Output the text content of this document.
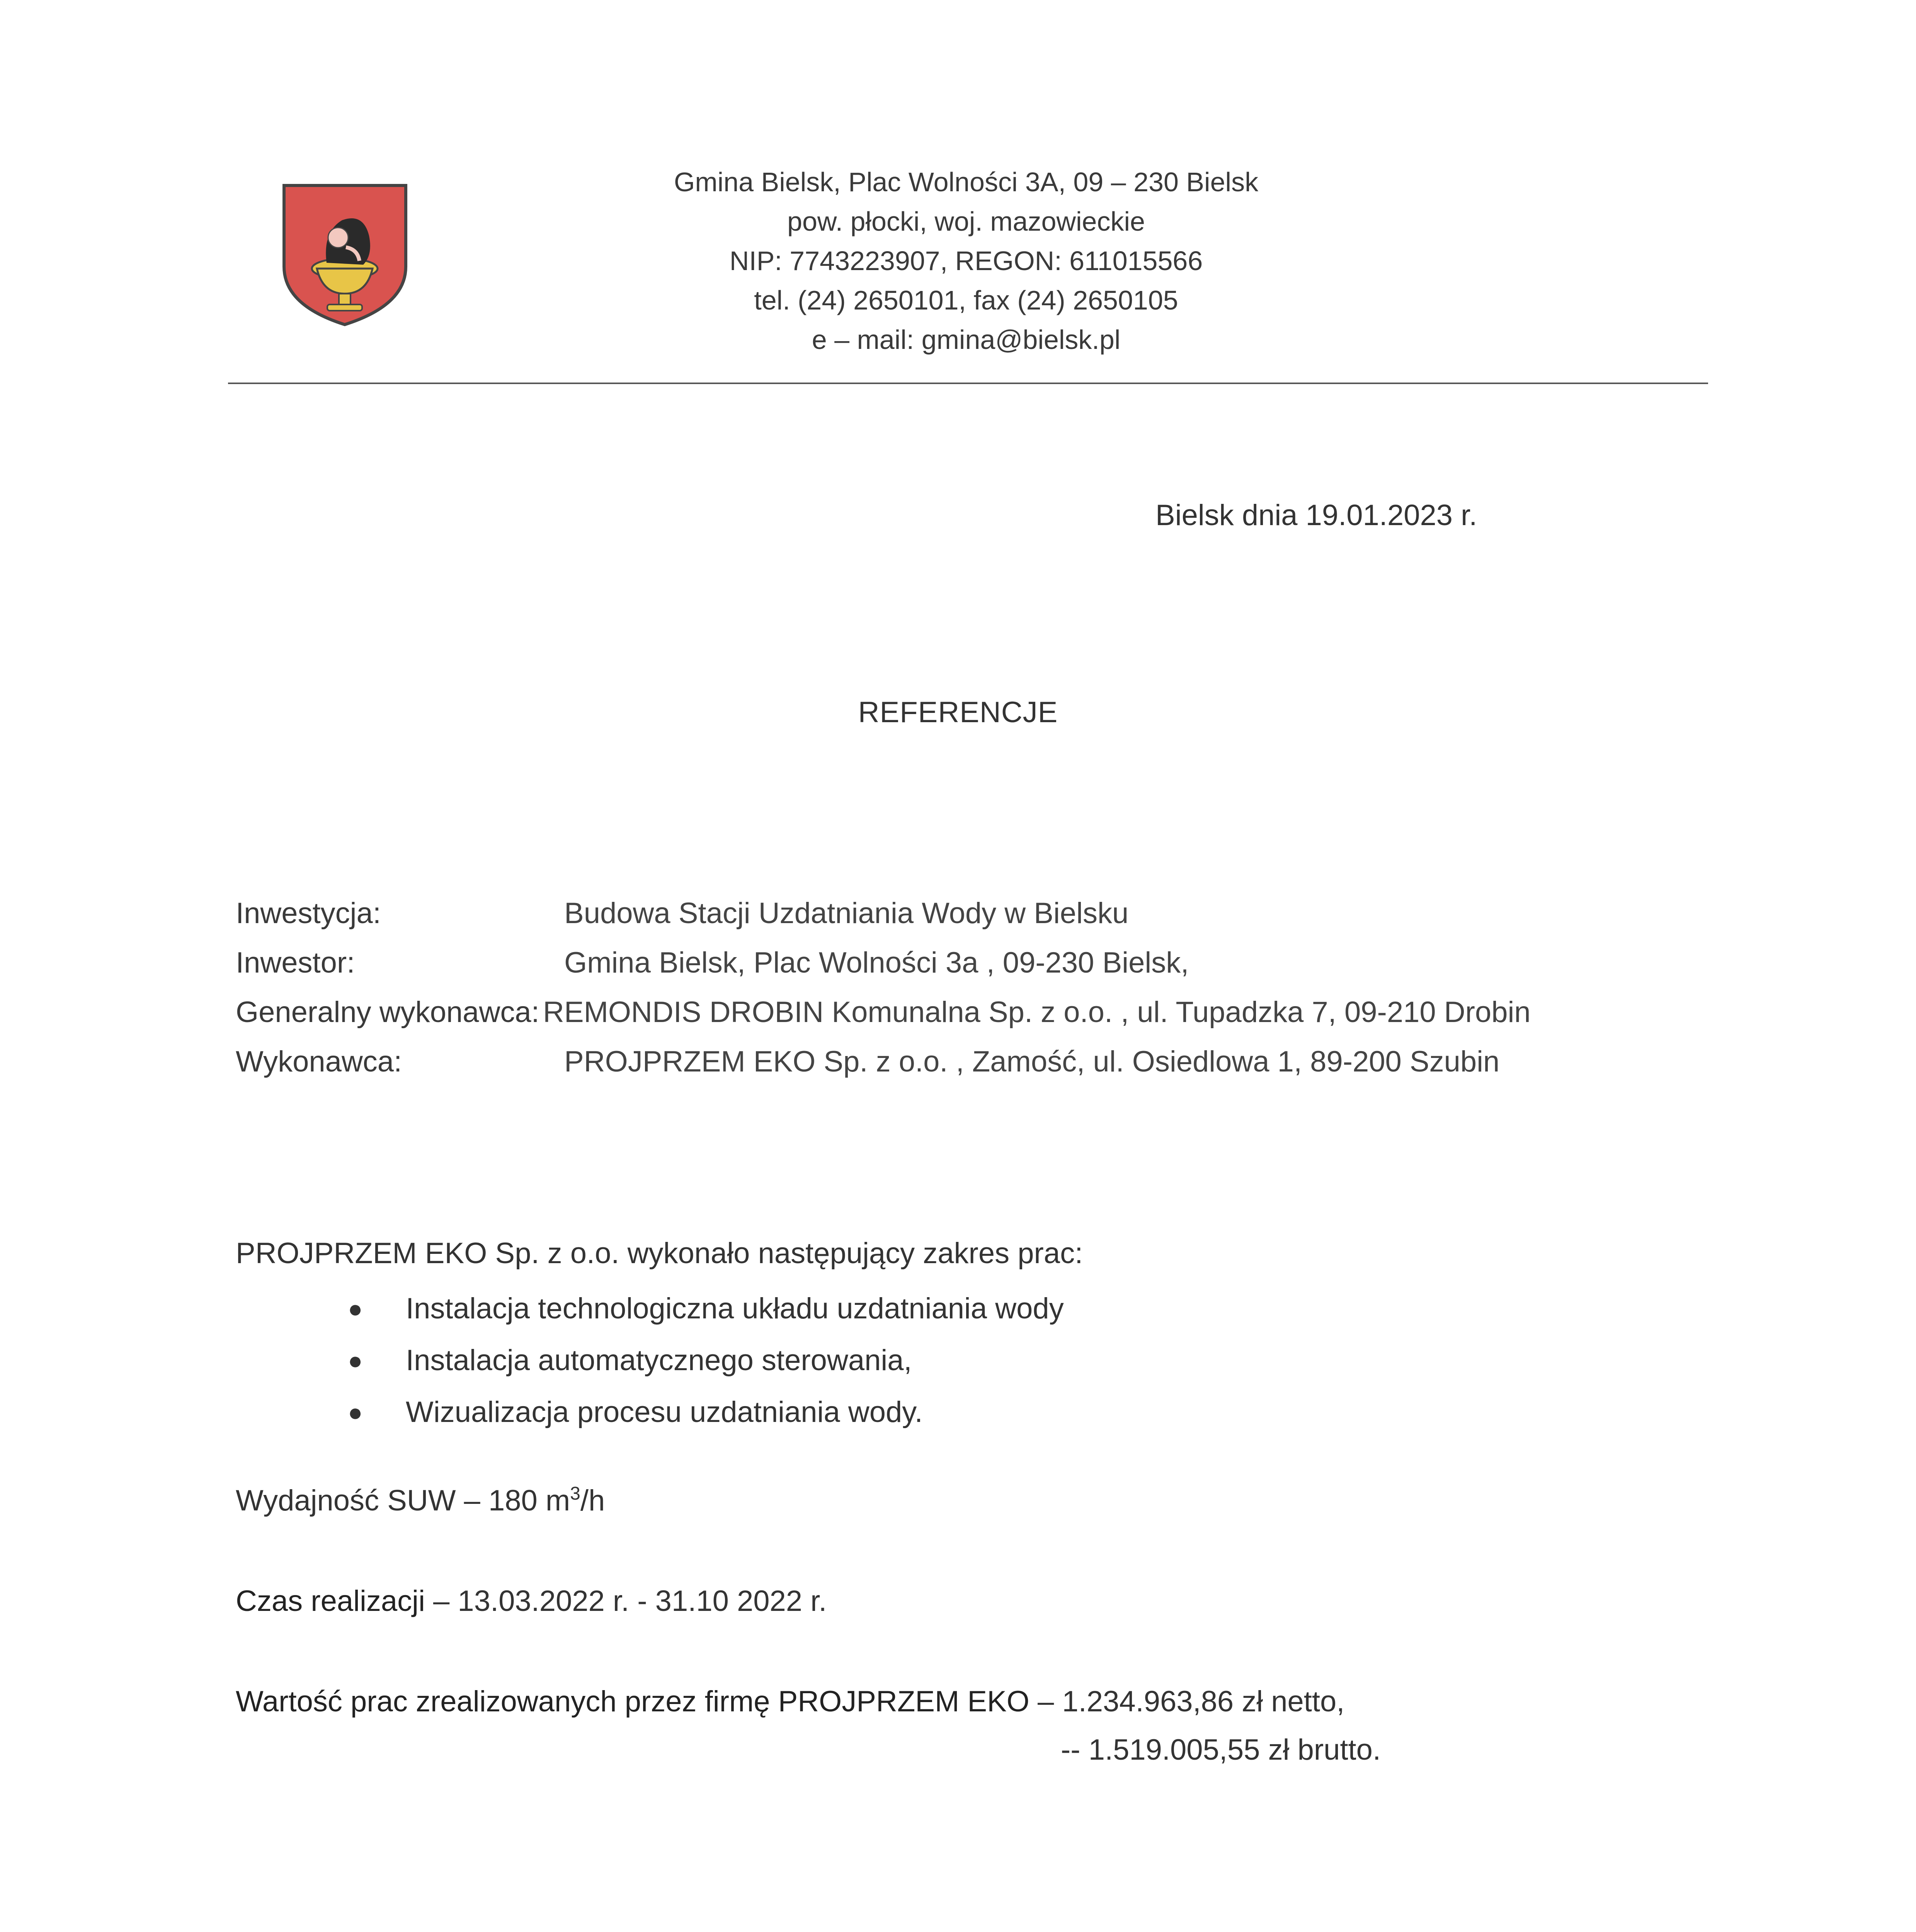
Gmina Bielsk, Plac Wolności 3A, 09 – 230 Bielsk
pow. płocki, woj. mazowieckie
NIP: 7743223907, REGON: 611015566
tel. (24) 2650101, fax (24) 2650105
e – mail: gmina@bielsk.pl
Bielsk dnia 19.01.2023 r.
REFERENCJE
Inwestycja:	Budowa Stacji Uzdatniania Wody w Bielsku
Inwestor:	Gmina Bielsk, Plac Wolności 3a , 09-230 Bielsk,
Generalny wykonawca: REMONDIS DROBIN Komunalna Sp. z o.o. , ul. Tupadzka 7, 09-210 Drobin
Wykonawca:	PROJPRZEM EKO Sp. z o.o. , Zamość, ul. Osiedlowa 1, 89-200 Szubin
PROJPRZEM EKO Sp. z o.o. wykonało następujący zakres prac:
● Instalacja technologiczna układu uzdatniania wody
● Instalacja automatycznego sterowania,
● Wizualizacja procesu uzdatniania wody.
Wydajność SUW – 180 $m^3/h$
Czas realizacji – 13.03.2022 r. - 31.10 2022 r.
Wartość prac zrealizowanych przez firmę PROJPRZEM EKO – 1.234.963,86 zł netto,
-- 1.519.005,55 zł brutto.
